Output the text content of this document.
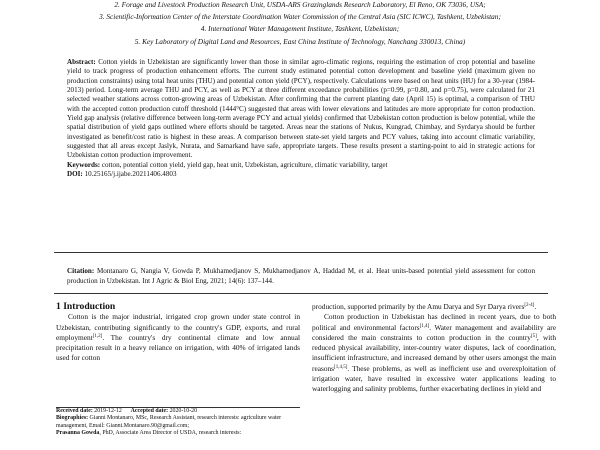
2. Forage and Livestock Production Research Unit, USDA-ARS Grazinglands Research Laboratory, El Reno, OK 73036, USA;
3. Scientific-Information Center of the Interstate Coordination Water Commission of the Central Asia (SIC ICWC), Tashkent, Uzbekistan;
4. International Water Management Institute, Tashkent, Uzbekistan;
5. Key Laboratory of Digital Land and Resources, East China Institute of Technology, Nanchang 330013, China)

Abstract: Cotton yields in Uzbekistan are significantly lower than those in similar agro-climatic regions, requiring the estimation of crop potential and baseline yield to track progress of production enhancement efforts. The current study estimated potential cotton development and baseline yield (maximum given no production constraints) using total heat units (THU) and potential cotton yield (PCY), respectively. Calculations were based on heat units (HU) for a 30-year (1984-2013) period. Long-term average THU and PCY, as well as PCY at three different exceedance probabilities (p=0.99, p=0.80, and p=0.75), were calculated for 21 selected weather stations across cotton-growing areas of Uzbekistan. After confirming that the current planting date (April 15) is optimal, a comparison of THU with the accepted cotton production cutoff threshold (1444°C) suggested that areas with lower elevations and latitudes are more appropriate for cotton production. Yield gap analysis (relative difference between long-term average PCY and actual yields) confirmed that Uzbekistan cotton production is below potential, while the spatial distribution of yield gaps outlined where efforts should be targeted. Areas near the stations of Nukus, Kungrad, Chimbay, and Syrdarya should be further investigated as benefit/cost ratio is highest in these areas. A comparison between state-set yield targets and PCY values, taking into account climatic variability, suggested that all areas except Jaslyk, Nurata, and Samarkand have safe, appropriate targets. These results present a starting-point to aid in strategic actions for Uzbekistan cotton production improvement.

Keywords: cotton, potential cotton yield, yield gap, heat unit, Uzbekistan, agriculture, climatic variability, target

DOI: 10.25165/j.ijabe.20211406.4803

Citation: Montanaro G, Nangia V, Gowda P, Mukhamedjanov S, Mukhamedjanov A, Haddad M, et al. Heat units-based potential yield assessment for cotton production in Uzbekistan. Int J Agric & Biol Eng, 2021; 14(6): 137–144.

1 Introduction

Cotton is the major industrial, irrigated crop grown under state control in Uzbekistan, contributing significantly to the country's GDP, exports, and rural employment[1,2]. The country's dry continental climate and low annual precipitation result in a heavy reliance on irrigation, with 40% of irrigated lands used for cotton

production, supported primarily by the Amu Darya and Syr Darya rivers[2-4].

Cotton production in Uzbekistan has declined in recent years, due to both political and environmental factors[1,4]. Water management and availability are considered the main constraints to cotton production in the country[5], with reduced physical availability, inter-country water disputes, lack of coordination, insufficient infrastructure, and increased demand by other users amongst the main reasons[1,4,5]. These problems, as well as inefficient use and overexploitation of irrigation water, have resulted in excessive water applications leading to waterlogging and salinity problems, further exacerbating declines in yield and

Received date: 2019-12-12 Accepted date: 2020-10-20

Biographies: Gianni Montanaro, MSc, Research Assistant, research interests: agriculture water management, Email: Gianni.Montanaro.90@gmail.com;

Prasanna Gowda, PhD, Associate Area Director of USDA, research interests:
